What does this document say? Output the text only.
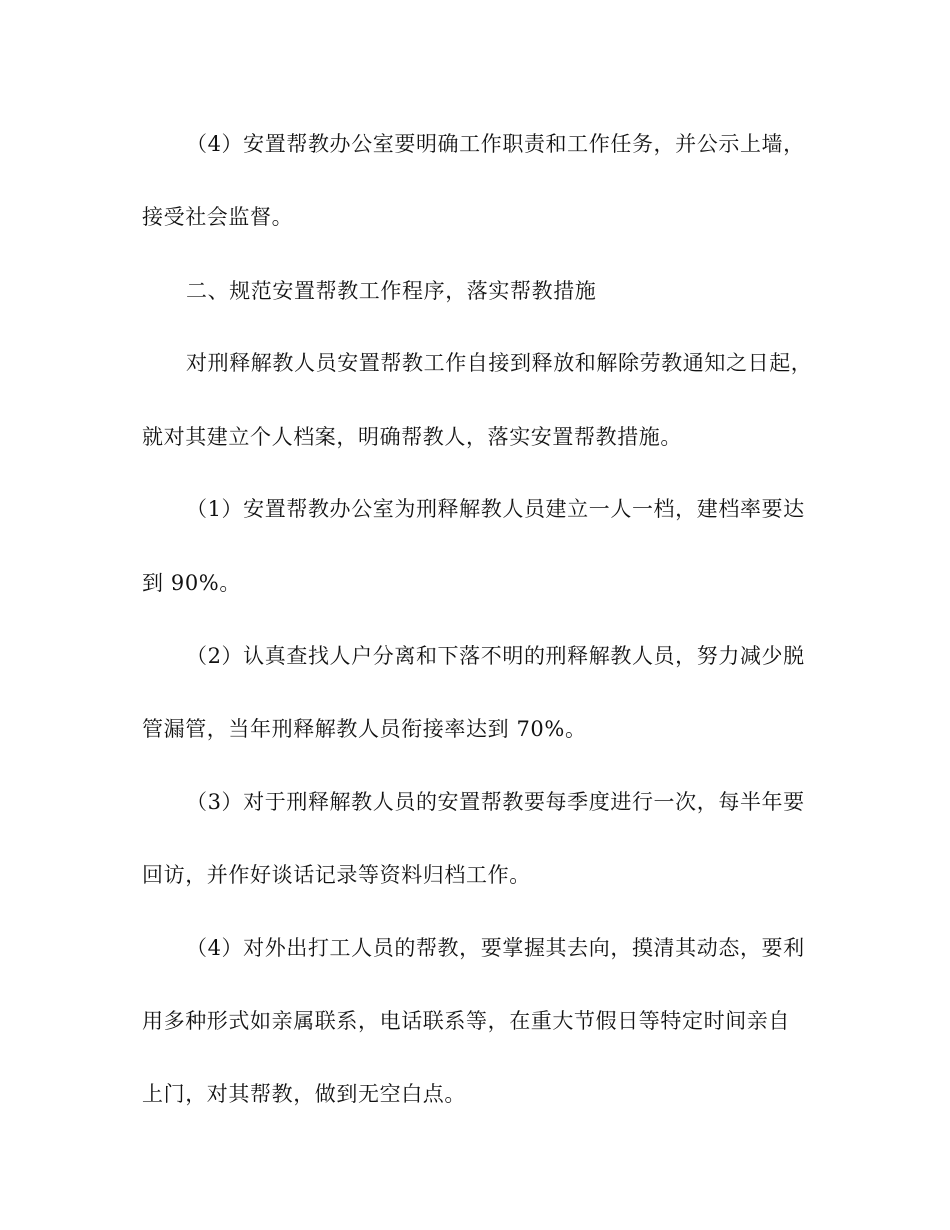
（4）安置帮教办公室要明确工作职责和工作任务，并公示上墙，
接受社会监督。
二、规范安置帮教工作程序，落实帮教措施
对刑释解教人员安置帮教工作自接到释放和解除劳教通知之日起，
就对其建立个人档案，明确帮教人，落实安置帮教措施。
（1）安置帮教办公室为刑释解教人员建立一人一档，建档率要达
到 90%。
（2）认真查找人户分离和下落不明的刑释解教人员，努力减少脱
管漏管，当年刑释解教人员衔接率达到 70%。
（3）对于刑释解教人员的安置帮教要每季度进行一次，每半年要
回访，并作好谈话记录等资料归档工作。
（4）对外出打工人员的帮教，要掌握其去向，摸清其动态，要利
用多种形式如亲属联系，电话联系等，在重大节假日等特定时间亲自
上门，对其帮教，做到无空白点。
